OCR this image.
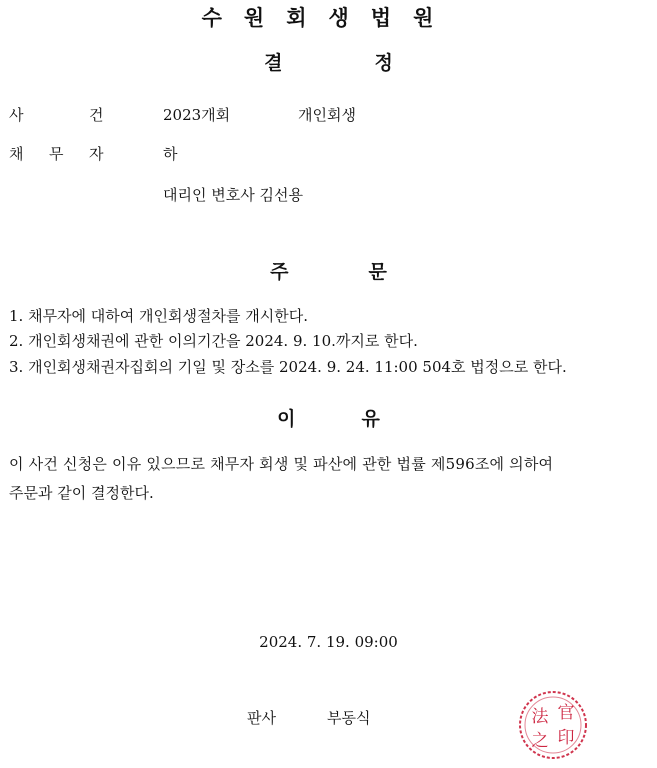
수원회생법원
결	정
사	건	2023개회	개인회생
채 무 자	하
대리인 변호사 김선용
주	문
1. 채무자에 대하여 개인회생절차를 개시한다.
2. 개인회생채권에 관한 이의기간을 2024. 9. 10.까지로 한다.
3. 개인회생채권자집회의 기일 및 장소를 2024. 9. 24. 11:00 504호 법정으로 한다.
이	유
이 사건 신청은 이유 있으므로 채무자 회생 및 파산에 관한 법률 제596조에 의하여
주문과 같이 결정한다.
2024. 7. 19. 09:00
판사	부동식	法 官
之 印
